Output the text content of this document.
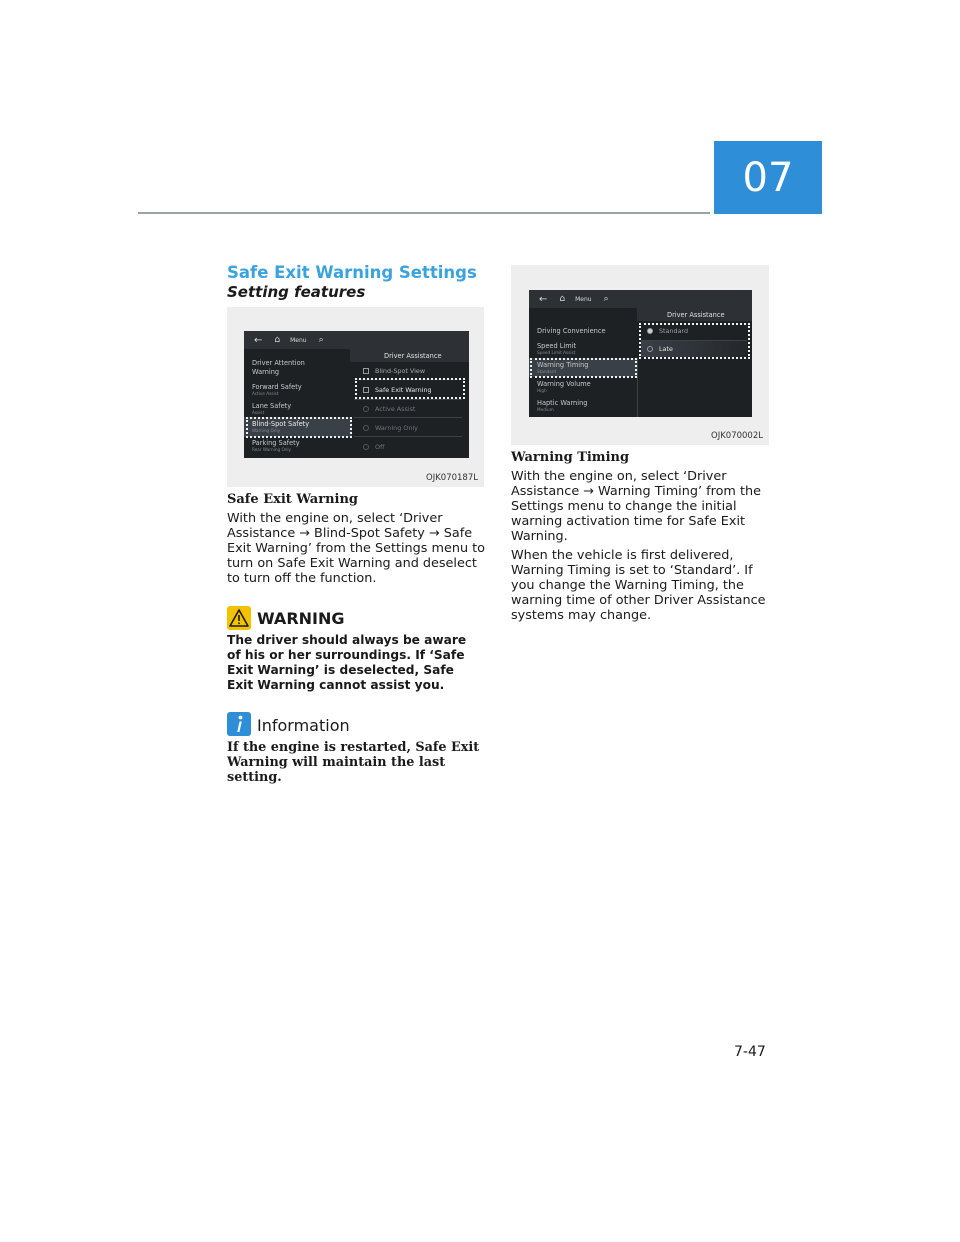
07
Safe Exit Warning Settings
Setting features
← ⌂ Menu ⌕
Driver Assistance
Driver Attention
Warning
Forward Safety
Active Assist
Lane Safety
Assist
Blind-Spot Safety
Warning Only
Parking Safety
Rear Warning Only
Blind-Spot View
Safe Exit Warning
Active Assist
Warning Only
Off
OJK070187L
Safe Exit Warning

With the engine on, select ‘Driver Assistance → Blind-Spot Safety → Safe Exit Warning’ from the Settings menu to turn on Safe Exit Warning and deselect to turn off the function.

WARNING
The driver should always be aware of his or her surroundings. If ‘Safe Exit Warning’ is deselected, Safe Exit Warning cannot assist you.
Information
If the engine is restarted, Safe Exit Warning will maintain the last setting.
← ⌂ Menu ⌕
Driver Assistance
Driving Convenience
Speed Limit
Speed Limit Assist
Warning Timing
Standard
Warning Volume
High
Haptic Warning
Medium
Standard
Late
OJK070002L
Warning Timing

With the engine on, select ‘Driver Assistance → Warning Timing’ from the Settings menu to change the initial warning activation time for Safe Exit Warning.

When the vehicle is first delivered, Warning Timing is set to ‘Standard’. If you change the Warning Timing, the warning time of other Driver Assistance systems may change.

7-47
